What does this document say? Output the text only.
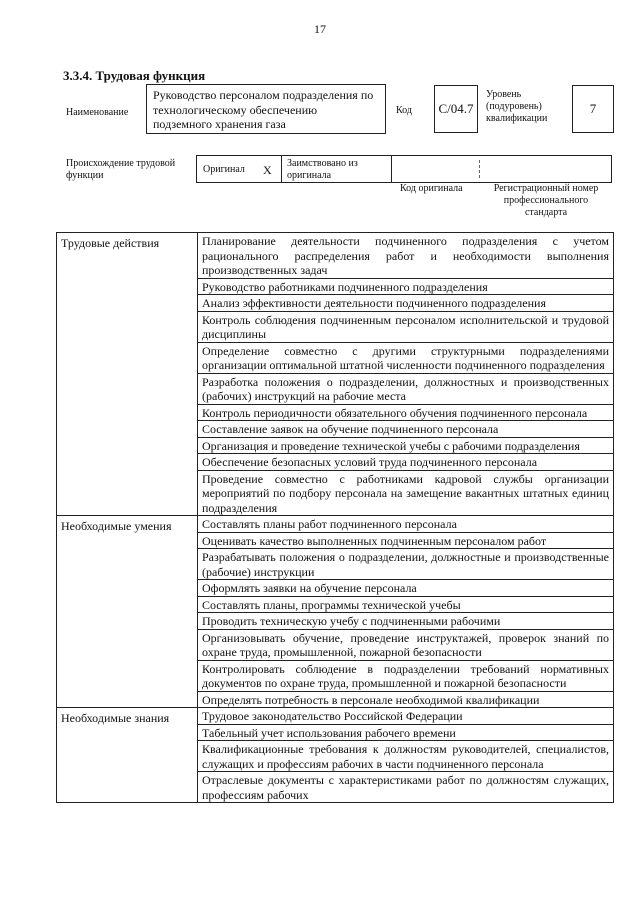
17
3.3.4. Трудовая функция
Наименование
Руководство персоналом подразделения по технологическому обеспечению подземного хранения газа
Код	С/04.7
Уровень (подуровень) квалификации
7
Происхождение трудовой функции
Оригинал X Заимствовано из оригинала
Код оригинала	Регистрационный номер профессионального стандарта
Трудовые действия	Планирование деятельности подчиненного подразделения с учетом рационального распределения работ и необходимости выполнения производственных задач
	Руководство работниками подчиненного подразделения
	Анализ эффективности деятельности подчиненного подразделения
	Контроль соблюдения подчиненным персоналом исполнительской и трудовой дисциплины
	Определение совместно с другими структурными подразделениями организации оптимальной штатной численности подчиненного подразделения
	Разработка положения о подразделении, должностных и производственных (рабочих) инструкций на рабочие места
	Контроль периодичности обязательного обучения подчиненного персонала
	Составление заявок на обучение подчиненного персонала
	Организация и проведение технической учебы с рабочими подразделения
	Обеспечение безопасных условий труда подчиненного персонала
	Проведение совместно с работниками кадровой службы организации мероприятий по подбору персонала на замещение вакантных штатных единиц подразделения
Необходимые умения	Составлять планы работ подчиненного персонала
	Оценивать качество выполненных подчиненным персоналом работ
	Разрабатывать положения о подразделении, должностные и производственные (рабочие) инструкции
	Оформлять заявки на обучение персонала
	Составлять планы, программы технической учебы
	Проводить техническую учебу с подчиненными рабочими
	Организовывать обучение, проведение инструктажей, проверок знаний по охране труда, промышленной, пожарной безопасности
	Контролировать соблюдение в подразделении требований нормативных документов по охране труда, промышленной и пожарной безопасности
	Определять потребность в персонале необходимой квалификации
Необходимые знания	Трудовое законодательство Российской Федерации
	Табельный учет использования рабочего времени
	Квалификационные требования к должностям руководителей, специалистов, служащих и профессиям рабочих в части подчиненного персонала
	Отраслевые документы с характеристиками работ по должностям служащих, профессиям рабочих
